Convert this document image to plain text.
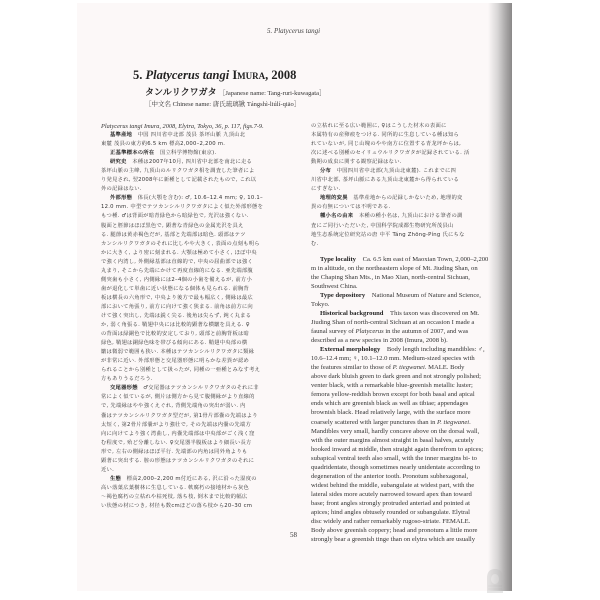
5. Platycerus tangi
5. Platycerus tangi Imura, 2008
タンルリクワガタ ［Japanese name: Tang-ruri-kuwagata］
［中文名 Chinese name: 唐氏琉璃锹 Tángshì-liúlí-qiāo］
Platycerus tangi Imura, 2008, Elytra, Tokyo, 36, p. 117, figs.7-9.
基準産地  中国 四川省中北部 茂县 茶坪山脈 九顶山北
東麓 茂县の東方約6.5 km 標高2,000–2,200 m.
正基準標本の所在  国立科学博物館(東京).
研究史  本種は2007年10月, 四川省中北部を南北に走る
茶坪山脈の主峰, 九顶山のルリクワガタ相を調査した筆者によ
り発見され, 翌2008年に新種として記載されたもので, これ以
外の記録はない.
外部形態  体長(大顎を含む): ♂, 10.6–12.4 mm; ♀, 10.1–
12.0 mm. 中型でテツカンシルリクワガタによく似た外部形態を
もつ種. ♂は背面が暗青緑色から暗緑色で, 光沢は強くない.
腹面と脛節はほぼ黒色で, 顕著な青緑色の金属光沢を具え
る. 腿節は黄赤褐色だが, 基部と先端部は暗色. 頭部はテツ
カンシルリクワガタのそれに比しやや大きく, 表面の点刻も明ら
かに大きく, より密に刻まれる. 大顎は極めて小さく, ほぼ中央
で強く内湾し, 外側縁基部は直線的で, 中央の屈曲部では強く
丸まり, そこから先端にかけて再度直線的になる. 亜先端部腹
側突歯も小さく, 内側縁には2–4個の小歯を備えるが, 前方小
歯が退化して単歯に近い状態になる個体も見られる. 前胸背
板は横長の六角形で, 中央より後方で最も幅広く, 側縁は最広
部において角張り, 前方に向けて強く狭まる. 前角は前方に向
けて強く突出し, 先端は鋭く尖る. 後角は尖らず, 鈍く丸まる
か, 弱く角張る. 鞘翅中央には比較的顕著な横皺を具える. ♀
の背面は緑銅色で比較的安定しており, 頭部と前胸背板は暗
緑色, 鞘翅は銅緑色味を帯びる傾向にある. 鞘翅中央部の横
皺は微弱で範囲も狭い. 本種はテツカンシルリクワガタに類縁
が非常に近い. 外部形態と交尾器形態に明らかな差異が認め
られることから別種として扱ったが, 同種の一亜種とみなす考え
方もありうるだろう.
交尾器形態  ♂交尾器はテツカンシルリクワガタのそれに非
常によく似ているが, 側片は側方から見て腹側縁がより直線的
で, 先端縁はやや強くえぐれ, 背側先端角の突出が弱い. 内
嚢はテツカンシルリクワガタ型だが, 第1骨片部嚢の先端はより
太短く, 第2骨片部嚢がより強壮で, その先端は内嚢の先端方
向に向けてより強く湾曲し, 内嚢先端部は中央部がごく浅く窪
む程度で, 殆ど分離しない. ♀交尾器半腹板はより細長い長方
形で, 左右の側縁はほぼ平行. 先端部の内角は同外角よりも
顕著に突出する. 腟の形態はテツカンシルリクワガタのそれに
近い.
生態  標高2,000–2,200 m付近にある, 沢に沿った湿度の
高い落葉広葉樹林に生息している. 軟腐朽の接地材から灰色
～褐色腐朽の立枯れや枯死枝, 落ち枝, 倒木まで比較的幅広
い状態の材につき, 材径も数cmほどの落ち枝から20–30 cm
の立枯れに至る広い範囲に, ♀はこうした材木の表面に
本属特有の産卵痕をつける. 同所的に生息している種は知ら
れていないが, 同じ山塊のやや南方に位置する青龙坪からは,
次に述べる別種のセイリュウルリクワガタが記録されている. 活
動期の成虫に関する観察記録はない.
分布  中国四川省中北部(九顶山北東麓). これまでに四
川省中北部, 茶坪山脈にある九顶山北東麓から得られている
にすぎない.
地理的変異  基準産地からの記録しかないため, 地理的変
異の有無については不明である.
種小名の由来  本種の種小名は, 九顶山における筆者の調
査にご同行いただいた, 中国科学院成都生物研究所茂县山
地生态系统定位研究站の唐 中平 Táng Zhōng-Píng 氏にちな
む.
Type locality  Ca. 6.5 km east of Maoxian Town, 2,000–2,200
m in altitude, on the northeastern slope of Mt. Jiuding Shan, on
the Chaping Shan Mts., in Mao Xian, north-central Sichuan,
Southwest China.
Type depository  National Museum of Nature and Science,
Tokyo.
Historical background  This taxon was discovered on Mt.
Jiuding Shan of north-central Sichuan at an occasion I made a
faunal survey of Platycerus in the autumn of 2007, and was
described as a new species in 2008 (Imura, 2008 b).
External morphology  Body length including mandibles: ♂,
10.6–12.4 mm; ♀, 10.1–12.0 mm. Medium-sized species with
the features similar to those of P. tiegwanei. MALE. Body
above dark bluish green to dark green and not strongly polished;
venter black, with a remarkable blue-greenish metallic luster;
femora yellow-reddish brown except for both basal and apical
ends which are greenish black as well as tibiae; appendages
brownish black. Head relatively large, with the surface more
coarsely scattered with larger punctures than in P. tiegwanei.
Mandibles very small, hardly concave above on the dorsal wall,
with the outer margins almost straight in basal halves, acutely
hooked inward at middle, then straight again therefrom to apices;
subapical ventral teeth also small, with the inner margins bi- to
quadridentate, though sometimes nearly unidentate according to
degeneration of the anterior tooth. Pronotum subhexagonal,
widest behind the middle, subangulate at widest part, with the
lateral sides more acutely narrowed toward apex than toward
base; front angles strongly protruded anteriad and pointed at
apices; hind angles obtusely rounded or subangulate. Elytral
disc widely and rather remarkably rugoso-striate. FEMALE.
Body above greenish coppery; head and pronotum a little more
strongly bear a greenish tinge than on elytra which are usually
58
